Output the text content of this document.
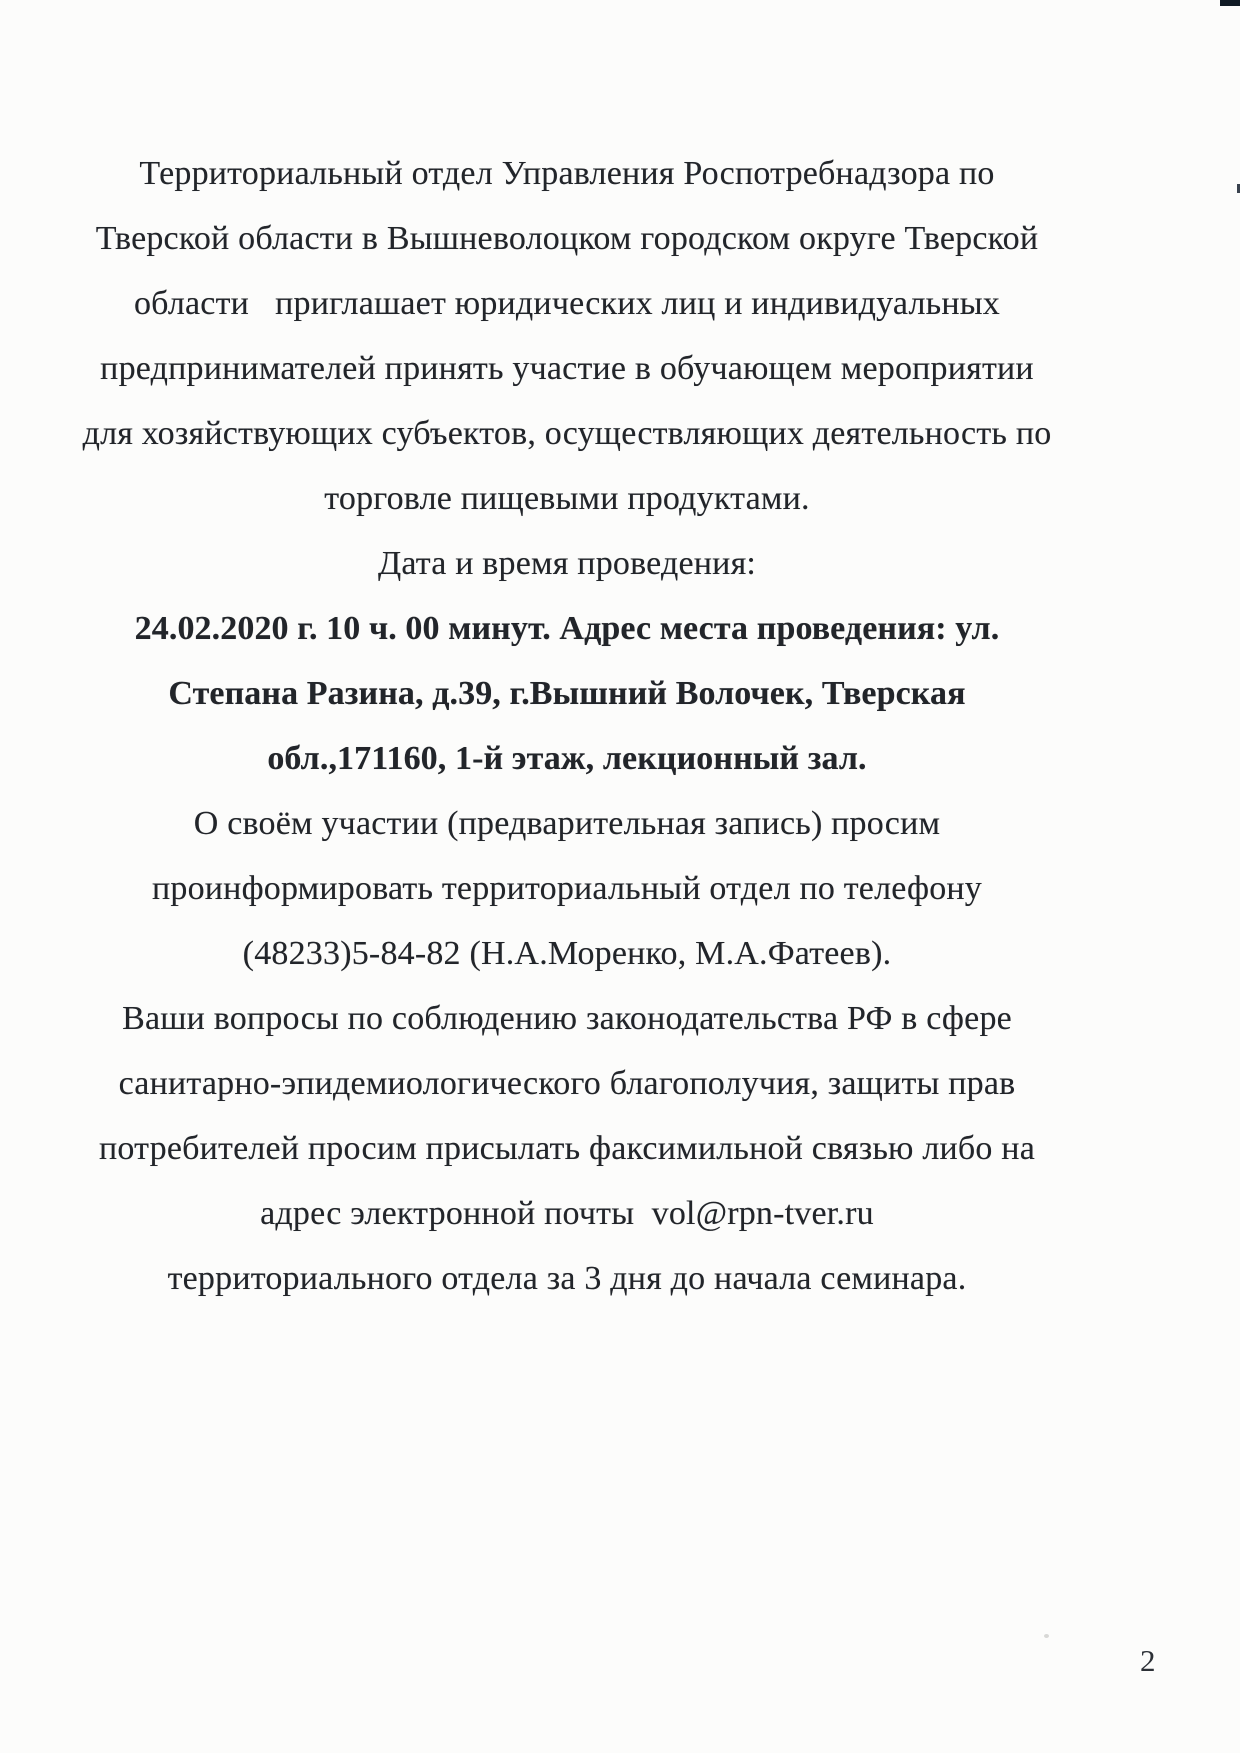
Территориальный отдел Управления Роспотребнадзора по
Тверской области в Вышневолоцком городском округе Тверской
области   приглашает юридических лиц и индивидуальных
предпринимателей принять участие в обучающем мероприятии
для хозяйствующих субъектов, осуществляющих деятельность по
торговле пищевыми продуктами.
Дата и время проведения:
24.02.2020 г. 10 ч. 00 минут. Адрес места проведения: ул.
Степана Разина, д.39, г.Вышний Волочек, Тверская
обл.,171160, 1-й этаж, лекционный зал.
О своём участии (предварительная запись) просим
проинформировать территориальный отдел по телефону
(48233)5-84-82 (Н.А.Моренко, М.А.Фатеев).
Ваши вопросы по соблюдению законодательства РФ в сфере
санитарно-эпидемиологического благополучия, защиты прав
потребителей просим присылать факсимильной связью либо на
адрес электронной почты  vol@rpn-tver.ru
территориального отдела за 3 дня до начала семинара.
2
